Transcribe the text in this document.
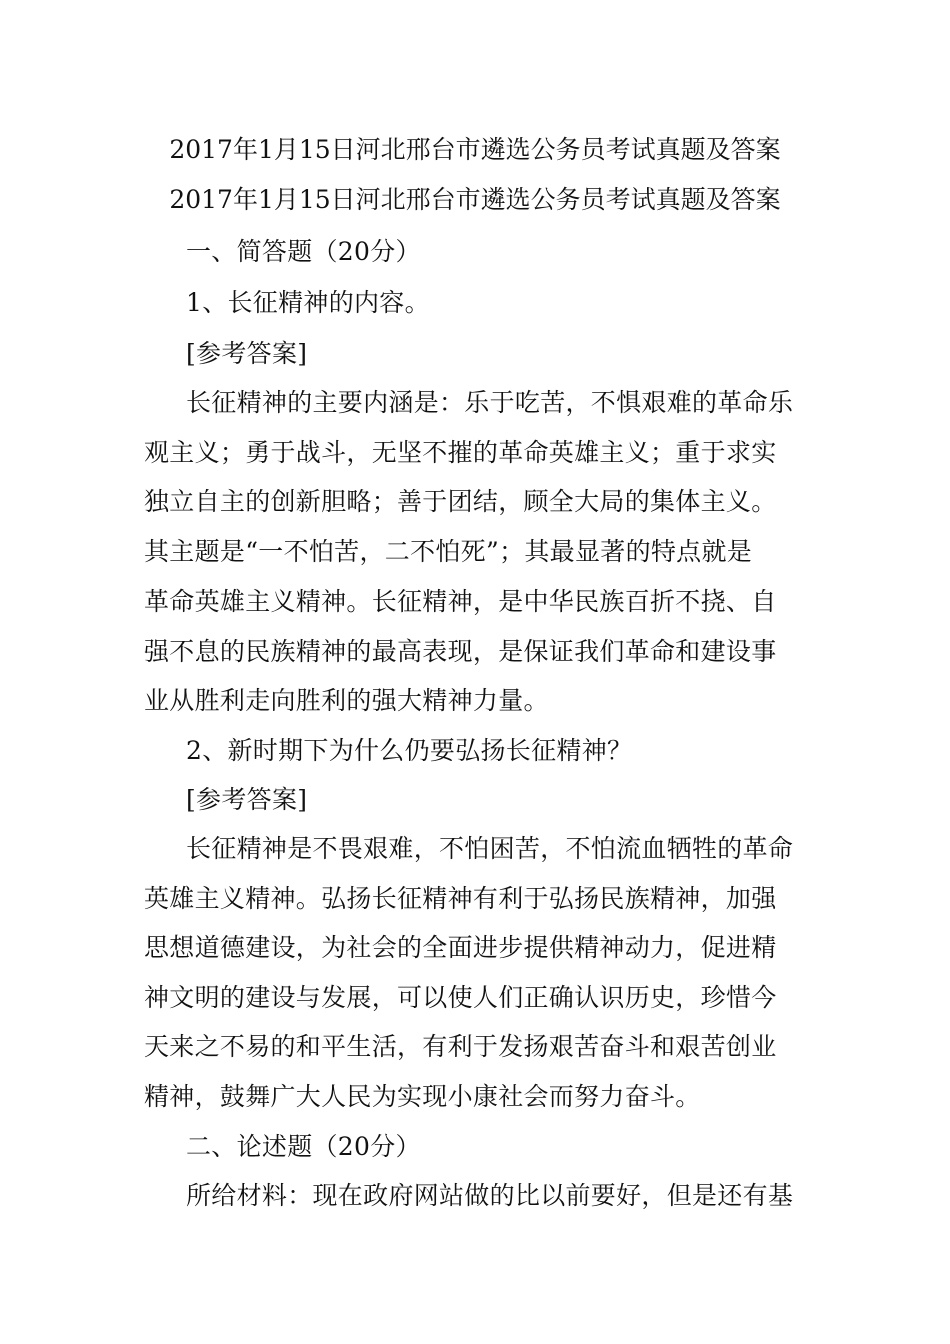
2017年1月15日河北邢台市遴选公务员考试真题及答案
2017年1月15日河北邢台市遴选公务员考试真题及答案
一、简答题（20分）
1、长征精神的内容。
[参考答案]
长征精神的主要内涵是：乐于吃苦，不惧艰难的革命乐
观主义；勇于战斗，无坚不摧的革命英雄主义；重于求实
独立自主的创新胆略；善于团结，顾全大局的集体主义。
其主题是“一不怕苦，二不怕死”；其最显著的特点就是
革命英雄主义精神。长征精神，是中华民族百折不挠、自
强不息的民族精神的最高表现，是保证我们革命和建设事
业从胜利走向胜利的强大精神力量。
2、新时期下为什么仍要弘扬长征精神？
[参考答案]
长征精神是不畏艰难，不怕困苦，不怕流血牺牲的革命
英雄主义精神。弘扬长征精神有利于弘扬民族精神，加强
思想道德建设，为社会的全面进步提供精神动力，促进精
神文明的建设与发展，可以使人们正确认识历史，珍惜今
天来之不易的和平生活，有利于发扬艰苦奋斗和艰苦创业
精神，鼓舞广大人民为实现小康社会而努力奋斗。
二、论述题（20分）
所给材料：现在政府网站做的比以前要好，但是还有基
